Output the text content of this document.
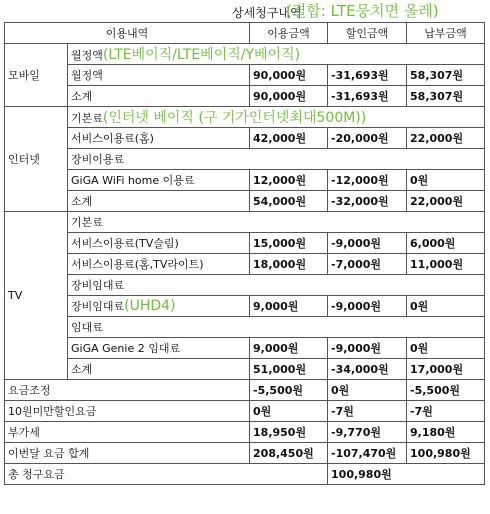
상세청구내역
(결합: LTE뭉치면 올레)
이용내역		이용금액	할인금액	납부금액
모바일	월정액(LTE베이직/LTE베이직/Y베이직)			
	월정액	90,000원	-31,693원	58,307원
	소계	90,000원	-31,693원	58,307원
인터넷	기본료(인터넷 베이직 (구 기가인터넷최대500M))			
	서비스이용료(홈)	42,000원	-20,000원	22,000원
	장비이용료			
	GiGA WiFi home 이용료	12,000원	-12,000원	0원
	소계	54,000원	-32,000원	22,000원
TV	기본료			
	서비스이용료(TV슬림)	15,000원	-9,000원	6,000원
	서비스이용료(홈,TV라이트)	18,000원	-7,000원	11,000원
	장비임대료			
	장비임대료(UHD4)	9,000원	-9,000원	0원
	임대료			
	GiGA Genie 2 임대료	9,000원	-9,000원	0원
	소계	51,000원	-34,000원	17,000원
요금조정		-5,500원	0원	-5,500원
10원미만할인요금		0원	-7원	-7원
부가세		18,950원	-9,770원	9,180원
이번달 요금 합계		208,450원	-107,470원	100,980원
총 청구요금			100,980원	
